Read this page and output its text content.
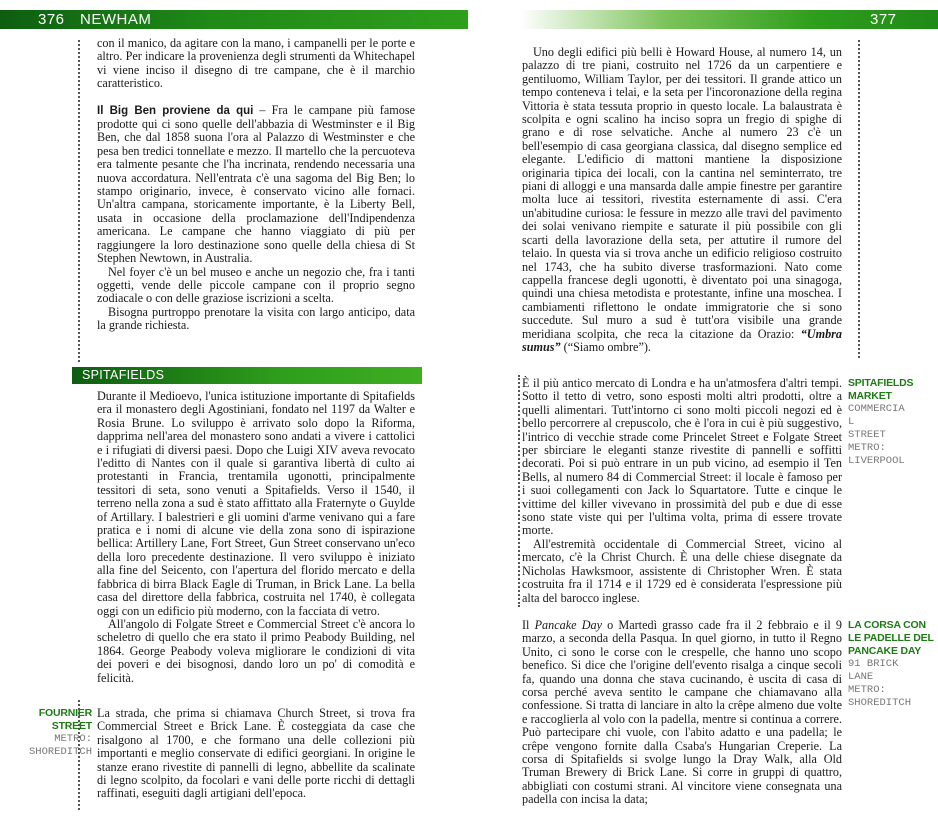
376 NEWHAM	377

con il manico, da agitare con la mano, i campanelli per le porte e altro. Per indicare la provenienza degli strumenti da Whitechapel vi viene inciso il disegno di tre campane, che è il marchio caratteristico.

Il Big Ben proviene da qui – Fra le campane più famose prodotte qui ci sono quelle dell'abbazia di Westminster e il Big Ben, che dal 1858 suona l'ora al Palazzo di Westminster e che pesa ben tredici tonnellate e mezzo. Il martello che la percuoteva era talmente pesante che l'ha incrinata, rendendo necessaria una nuova accordatura. Nell'entrata c'è una sagoma del Big Ben; lo stampo originario, invece, è conservato vicino alle fornaci. Un'altra campana, storicamente importante, è la Liberty Bell, usata in occasione della proclamazione dell'Indipendenza americana. Le campane che hanno viaggiato di più per raggiungere la loro destinazione sono quelle della chiesa di St Stephen Newtown, in Australia.

Nel foyer c'è un bel museo e anche un negozio che, fra i tanti oggetti, vende delle piccole campane con il proprio segno zodiacale o con delle graziose iscrizioni a scelta.

Bisogna purtroppo prenotare la visita con largo anticipo, data la grande richiesta.

SPITAFIELDS

Durante il Medioevo, l'unica istituzione importante di Spitafields era il monastero degli Agostiniani, fondato nel 1197 da Walter e Rosia Brune. Lo sviluppo è arrivato solo dopo la Riforma, dapprima nell'area del monastero sono andati a vivere i cattolici e i rifugiati di diversi paesi. Dopo che Luigi XIV aveva revocato l'editto di Nantes con il quale si garantiva libertà di culto ai protestanti in Francia, trentamila ugonotti, principalmente tessitori di seta, sono venuti a Spitafields. Verso il 1540, il terreno nella zona a sud è stato affittato alla Fraternyte o Guylde of Artillary. I balestrieri e gli uomini d'arme venivano qui a fare pratica e i nomi di alcune vie della zona sono di ispirazione bellica: Artillery Lane, Fort Street, Gun Street conservano un'eco della loro precedente destinazione. Il vero sviluppo è iniziato alla fine del Seicento, con l'apertura del florido mercato e della fabbrica di birra Black Eagle di Truman, in Brick Lane. La bella casa del direttore della fabbrica, costruita nel 1740, è collegata oggi con un edificio più moderno, con la facciata di vetro.

All'angolo di Folgate Street e Commercial Street c'è ancora lo scheletro di quello che era stato il primo Peabody Building, nel 1864. George Peabody voleva migliorare le condizioni di vita dei poveri e dei bisognosi, dando loro un po' di comodità e felicità.

La strada, che prima si chiamava Church Street, si trova fra Commercial Street e Brick Lane. È costeggiata da case che risalgono al 1700, e che formano una delle collezioni più importanti e meglio conservate di edifici georgiani. In origine le stanze erano rivestite di pannelli di legno, abbellite da scalinate di legno scolpito, da focolari e vani delle porte ricchi di dettagli raffinati, eseguiti dagli artigiani dell'epoca.

FOURNIER
STREET
METRO:
SHOREDITCH

Uno degli edifici più belli è Howard House, al numero 14, un palazzo di tre piani, costruito nel 1726 da un carpentiere e gentiluomo, William Taylor, per dei tessitori. Il grande attico un tempo conteneva i telai, e la seta per l'incoronazione della regina Vittoria è stata tessuta proprio in questo locale. La balaustrata è scolpita e ogni scalino ha inciso sopra un fregio di spighe di grano e di rose selvatiche. Anche al numero 23 c'è un bell'esempio di casa georgiana classica, dal disegno semplice ed elegante. L'edificio di mattoni mantiene la disposizione originaria tipica dei locali, con la cantina nel seminterrato, tre piani di alloggi e una mansarda dalle ampie finestre per garantire molta luce ai tessitori, rivestita esternamente di assi. C'era un'abitudine curiosa: le fessure in mezzo alle travi del pavimento dei solai venivano riempite e saturate il più possibile con gli scarti della lavorazione della seta, per attutire il rumore del telaio. In questa via si trova anche un edificio religioso costruito nel 1743, che ha subito diverse trasformazioni. Nato come cappella francese degli ugonotti, è diventato poi una sinagoga, quindi una chiesa metodista e protestante, infine una moschea. I cambiamenti riflettono le ondate immigratorie che si sono succedute. Sul muro a sud è tutt'ora visibile una grande meridiana scolpita, che reca la citazione da Orazio: “Umbra sumus” (“Siamo ombre”).

È il più antico mercato di Londra e ha un'atmosfera d'altri tempi. Sotto il tetto di vetro, sono esposti molti altri prodotti, oltre a quelli alimentari. Tutt'intorno ci sono molti piccoli negozi ed è bello percorrere al crepuscolo, che è l'ora in cui è più suggestivo, l'intrico di vecchie strade come Princelet Street e Folgate Street per sbirciare le eleganti stanze rivestite di pannelli e soffitti decorati. Poi si può entrare in un pub vicino, ad esempio il Ten Bells, al numero 84 di Commercial Street: il locale è famoso per i suoi collegamenti con Jack lo Squartatore. Tutte e cinque le vittime del killer vivevano in prossimità del pub e due di esse sono state viste qui per l'ultima volta, prima di essere trovate morte.

All'estremità occidentale di Commercial Street, vicino al mercato, c'è la Christ Church. È una delle chiese disegnate da Nicholas Hawksmoor, assistente di Christopher Wren. È stata costruita fra il 1714 e il 1729 ed è considerata l'espressione più alta del barocco inglese.

SPITAFIELDS
MARKET
COMMERCIA
L
STREET
METRO:
LIVERPOOL

Il Pancake Day o Martedì grasso cade fra il 2 febbraio e il 9 marzo, a seconda della Pasqua. In quel giorno, in tutto il Regno Unito, ci sono le corse con le crespelle, che hanno uno scopo benefico. Si dice che l'origine dell'evento risalga a cinque secoli fa, quando una donna che stava cucinando, è uscita di casa di corsa perché aveva sentito le campane che chiamavano alla confessione. Si tratta di lanciare in alto la crêpe almeno due volte e raccoglierla al volo con la padella, mentre si continua a correre. Può partecipare chi vuole, con l'abito adatto e una padella; le crêpe vengono fornite dalla Csaba's Hungarian Creperie. La corsa di Spitafields si svolge lungo la Dray Walk, alla Old Truman Brewery di Brick Lane. Si corre in gruppi di quattro, abbigliati con costumi strani. Al vincitore viene consegnata una padella con incisa la data;

LA CORSA CON
LE PADELLE DEL
PANCAKE DAY
91 BRICK
LANE
METRO:
SHOREDITCH
